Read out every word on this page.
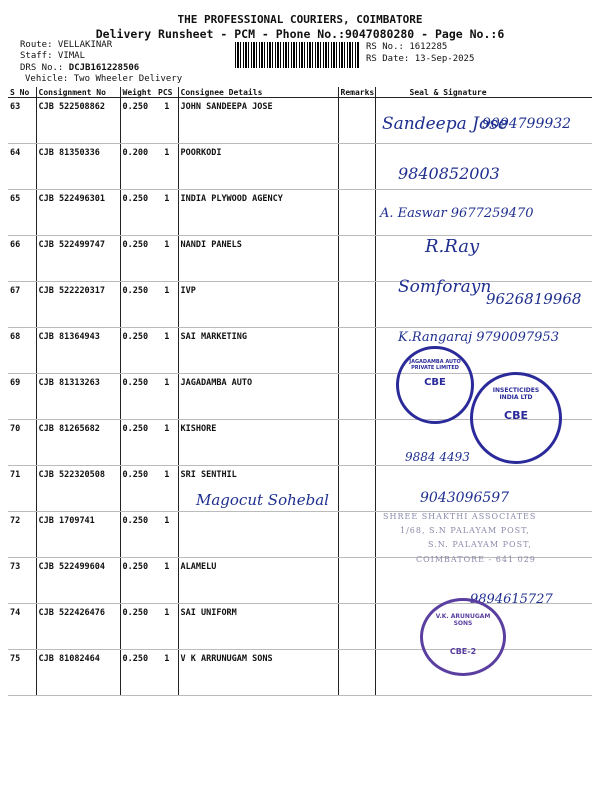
THE PROFESSIONAL COURIERS, COIMBATORE
Delivery Runsheet - PCM - Phone No.:9047080280 - Page No.:6
Route: VELLAKINAR
Staff: VIMAL
DRS No.: DCJB161228506
Vehicle: Two Wheeler Delivery
RS No.: 1612285
RS Date: 13-Sep-2025
S No	Consignment No	Weight	PCS	Consignee Details	Remarks	Seal & Signature
63	CJB 522508862	0.250	1	JOHN SANDEEPA JOSE		
64	CJB 81350336	0.200	1	POORKODI		
65	CJB 522496301	0.250	1	INDIA PLYWOOD AGENCY		
66	CJB 522499747	0.250	1	NANDI PANELS		
67	CJB 522220317	0.250	1	IVP		
68	CJB 81364943	0.250	1	SAI MARKETING		
69	CJB 81313263	0.250	1	JAGADAMBA AUTO		
70	CJB 81265682	0.250	1	KISHORE		
71	CJB 522320508	0.250	1	SRI SENTHIL		
72	CJB 1709741	0.250	1			
73	CJB 522499604	0.250	1	ALAMELU		
74	CJB 522426476	0.250	1	SAI UNIFORM		
75	CJB 81082464	0.250	1	V K ARRUNUGAM SONS		
Sandeepa Jose
9094799932
9840852003
A. Easwar 9677259470
R.Ray
Somforayn
9626819968
K.Rangaraj 9790097953
9884 4493
Magocut Sohebal	9043096597
9894615727
JAGADAMBA AUTO PRIVATE LIMITED
CBE
INSECTICIDES INDIA LTD
CBE
SHREE SHAKTHI ASSOCIATES
1/68, S.N PALAYAM POST,
S.N. PALAYAM POST,
COIMBATORE - 641 029
V.K. ARUNUGAM SONS
CBE-2
